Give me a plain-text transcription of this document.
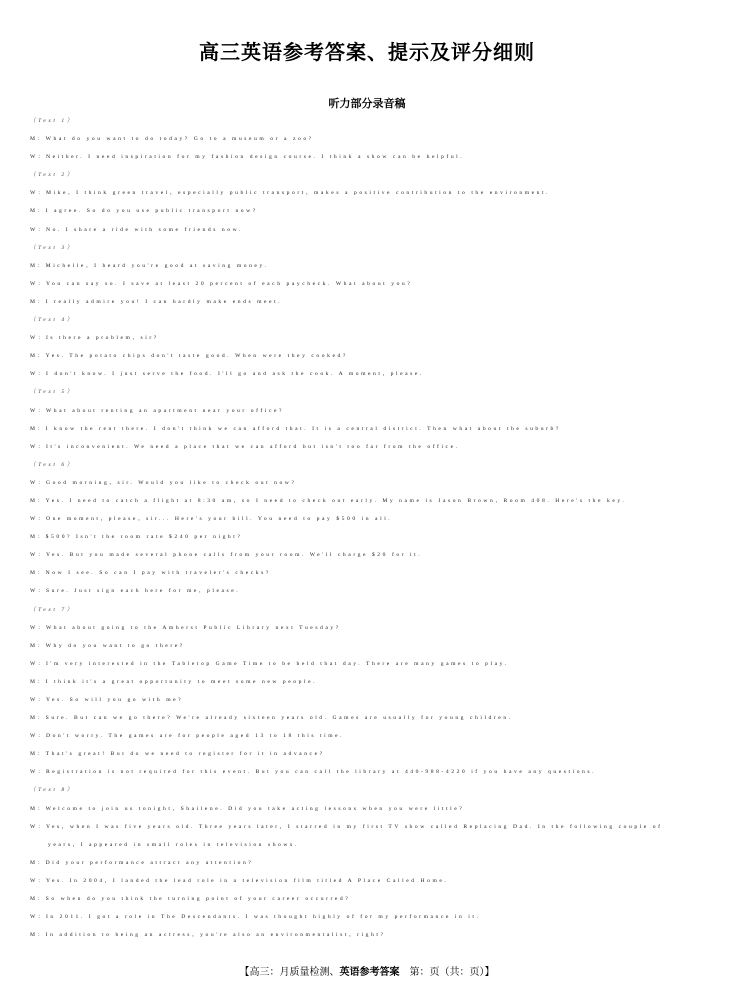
高三英语参考答案、提示及评分细则
听力部分录音稿
（Text 1）
M：What do you want to do today? Go to a museum or a zoo?
W：Neither. I need inspiration for my fashion design course. I think a show can be helpful.
（Text 2）
W：Mike，I think green travel，especially public transport，makes a positive contribution to the environment.
M：I agree. So do you use public transport now?
W：No. I share a ride with some friends now.
（Text 3）
M：Michelle，I heard you're good at saving money.
W：You can say so. I save at least 20 percent of each paycheck. What about you?
M：I really admire you! I can hardly make ends meet.
（Text 4）
W：Is there a problem，sir?
M：Yes. The potato chips don't taste good. When were they cooked?
W：I don't know. I just serve the food. I'll go and ask the cook. A moment，please.
（Text 5）
W：What about renting an apartment near your office?
M：I know the rent there. I don't think we can afford that. It is a central district. Then what about the suburb?
W：It's inconvenient. We need a place that we can afford but isn't too far from the office.
（Text 6）
W：Good morning，sir. Would you like to check out now?
M：Yes. I need to catch a flight at 8:30 am，so I need to check out early. My name is Jason Brown，Room 408. Here's the key.
W：One moment，please，sir... Here's your bill. You need to pay $500 in all.
M：$500? Isn't the room rate $240 per night?
W：Yes. But you made several phone calls from your room. We'll charge $20 for it.
M：Now I see. So can I pay with traveler's checks?
W：Sure. Just sign each here for me，please.
（Text 7）
W：What about going to the Amherst Public Library next Tuesday?
M：Why do you want to go there?
W：I'm very interested in the Tabletop Game Time to be held that day. There are many games to play.
M：I think it's a great opportunity to meet some new people.
W：Yes. So will you go with me?
M：Sure. But can we go there? We're already sixteen years old. Games are usually for young children.
W：Don't worry. The games are for people aged 13 to 18 this time.
M：That's great! But do we need to register for it in advance?
W：Registration is not required for this event. But you can call the library at 440-988-4220 if you have any questions.
（Text 8）
M：Welcome to join us tonight，Shailene. Did you take acting lessons when you were little?
W：Yes，when I was five years old. Three years later，I starred in my first TV show called Replacing Dad. In the following couple of
years，I appeared in small roles in television shows.
M：Did your performance attract any attention?
W：Yes. In 2004，I landed the lead role in a television film titled A Place Called Home.
M：So when do you think the turning point of your career occurred?
W：In 2011. I got a role in The Descendants. I was thought highly of for my performance in it.
M：In addition to being an actress，you're also an environmentalist，right?
【高三：月质量检测、英语参考答案　第：页（共：页）】
